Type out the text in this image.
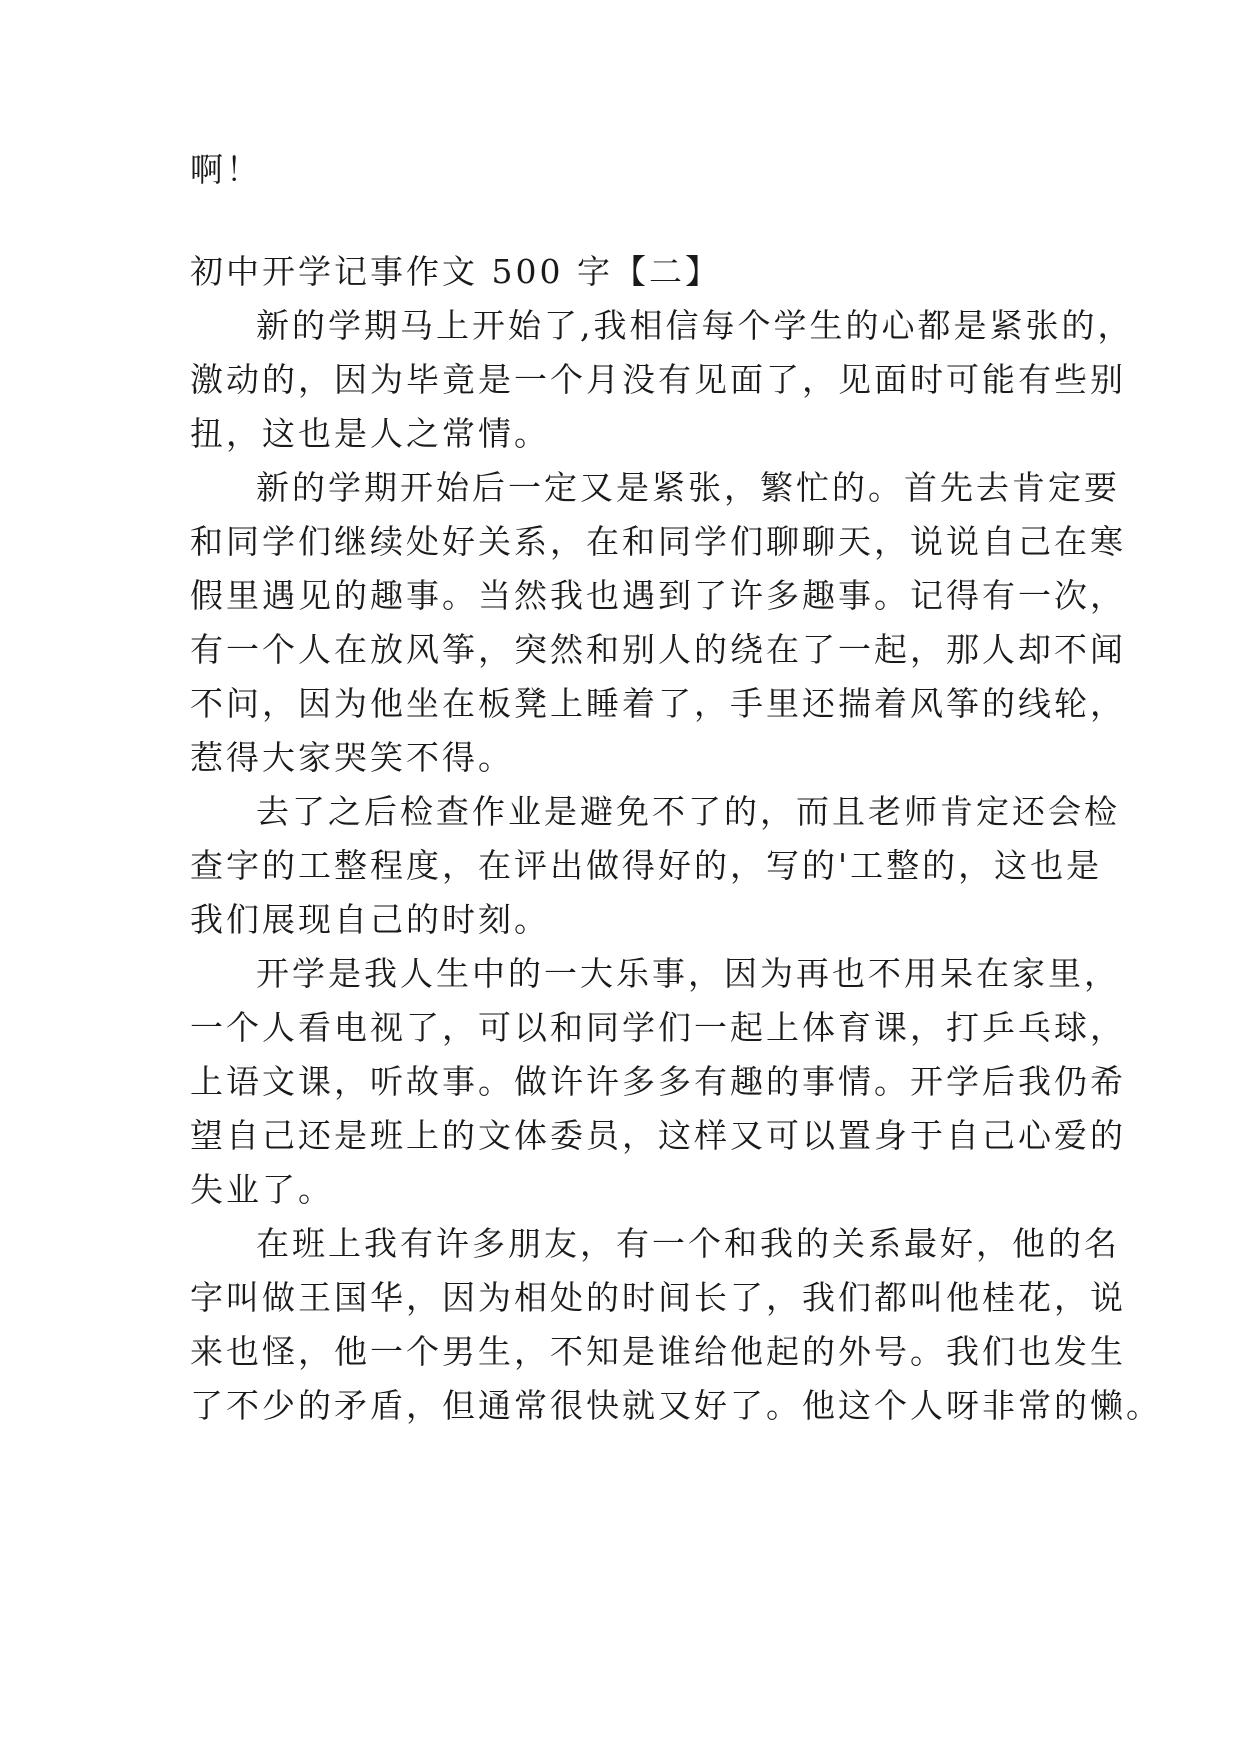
啊！
初中开学记事作文 500 字【二】
新的学期马上开始了,我相信每个学生的心都是紧张的，
激动的，因为毕竟是一个月没有见面了，见面时可能有些别
扭，这也是人之常情。
新的学期开始后一定又是紧张，繁忙的。首先去肯定要
和同学们继续处好关系，在和同学们聊聊天，说说自己在寒
假里遇见的趣事。当然我也遇到了许多趣事。记得有一次，
有一个人在放风筝，突然和别人的绕在了一起，那人却不闻
不问，因为他坐在板凳上睡着了，手里还揣着风筝的线轮，
惹得大家哭笑不得。
去了之后检查作业是避免不了的，而且老师肯定还会检
查字的工整程度，在评出做得好的，写的'工整的，这也是
我们展现自己的时刻。
开学是我人生中的一大乐事，因为再也不用呆在家里，
一个人看电视了，可以和同学们一起上体育课，打乒乓球，
上语文课，听故事。做许许多多有趣的事情。开学后我仍希
望自己还是班上的文体委员，这样又可以置身于自己心爱的
失业了。
在班上我有许多朋友，有一个和我的关系最好，他的名
字叫做王国华，因为相处的时间长了，我们都叫他桂花，说
来也怪，他一个男生，不知是谁给他起的外号。我们也发生
了不少的矛盾，但通常很快就又好了。他这个人呀非常的懒。
